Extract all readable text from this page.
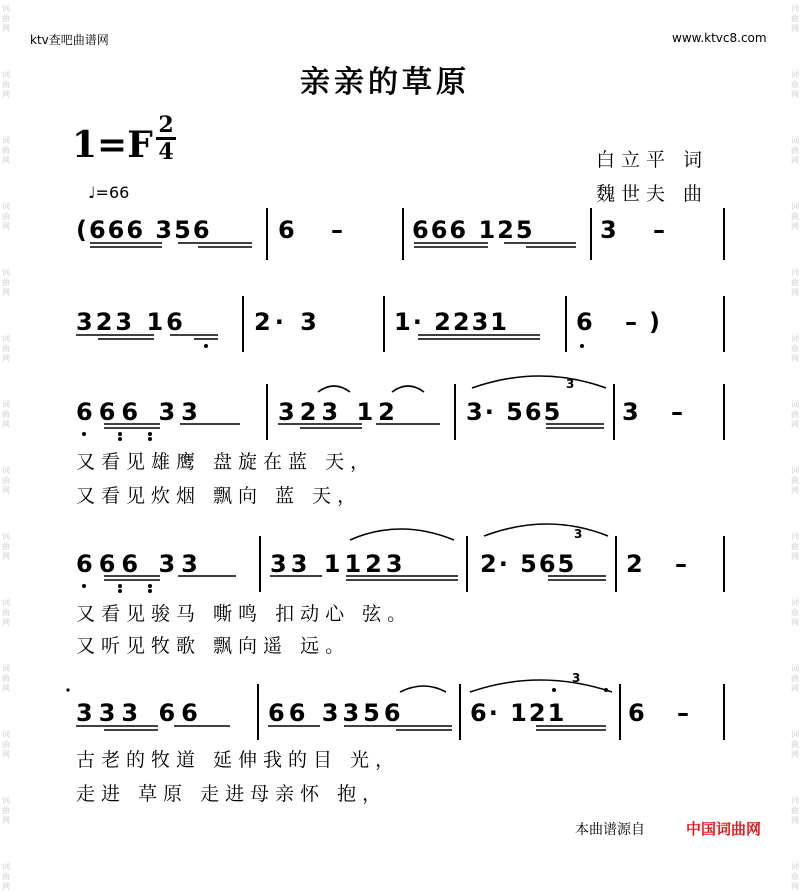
词曲网
词曲网
词曲网
词曲网
词曲网
词曲网
词曲网
词曲网
词曲网
词曲网
词曲网
词曲网
词曲网
词曲网
词曲网
词曲网
词曲网
词曲网
词曲网
词曲网
词曲网
词曲网
词曲网
词曲网
词曲网
词曲网
词曲网
词曲网
ktv查吧曲谱网	www.ktvc8.com
亲亲的草原
1=F 2
4
♩=66
白立平 词
魏世夫 曲
(666 356	6 – 666 125	3 –
323 16	2· 3	1· 2231	6 –)
666 33	323 12	3· 565 3 –
又看见雄鹰 盘旋在蓝 天，
又看见炊烟 飘向 蓝 天，
666 33	33 1123	2· 565 2 –
又看见骏马 嘶鸣 扣动心 弦。
又听见牧歌 飘向遥 远。
333 66	66 3356	6· 121	6 –
古老的牧道 延伸我的目 光，
走进 草原 走进母亲怀 抱，
3
3
3
本曲谱源自	中国词曲网
